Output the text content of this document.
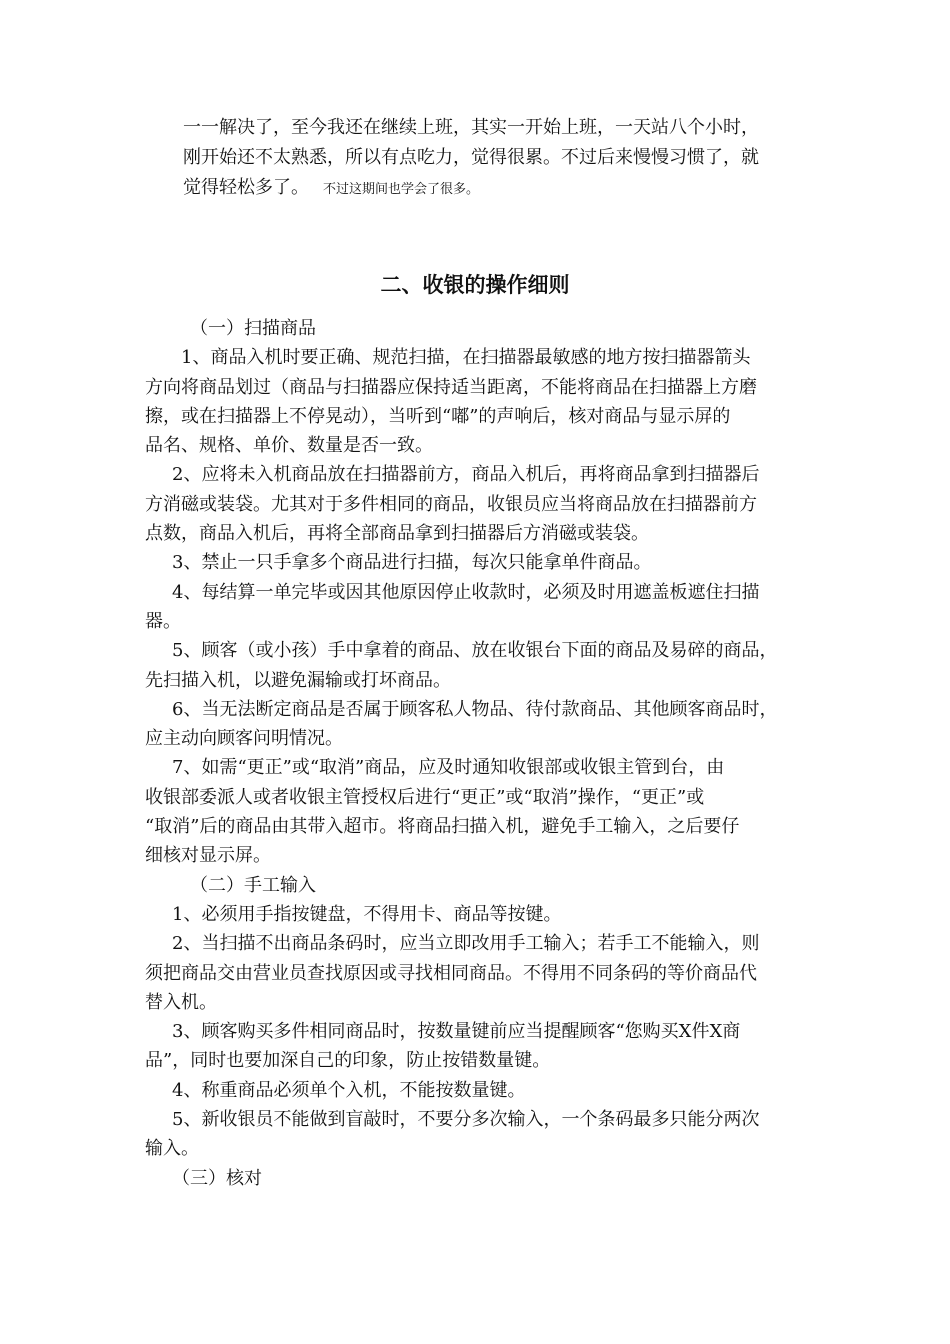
一一解决了，至今我还在继续上班，其实一开始上班，一天站八个小时，
刚开始还不太熟悉，所以有点吃力，觉得很累。不过后来慢慢习惯了，就
觉得轻松多了。 不过这期间也学会了很多。
二、收银的操作细则
（一）扫描商品
1、商品入机时要正确、规范扫描，在扫描器最敏感的地方按扫描器箭头
方向将商品划过（商品与扫描器应保持适当距离，不能将商品在扫描器上方磨
擦，或在扫描器上不停晃动），当听到“嘟”的声响后，核对商品与显示屏的
品名、规格、单价、数量是否一致。
2、应将未入机商品放在扫描器前方，商品入机后，再将商品拿到扫描器后
方消磁或装袋。尤其对于多件相同的商品，收银员应当将商品放在扫描器前方
点数，商品入机后，再将全部商品拿到扫描器后方消磁或装袋。
3、禁止一只手拿多个商品进行扫描，每次只能拿单件商品。
4、每结算一单完毕或因其他原因停止收款时，必须及时用遮盖板遮住扫描
器。
5、顾客（或小孩）手中拿着的商品、放在收银台下面的商品及易碎的商品，
先扫描入机，以避免漏输或打坏商品。
6、当无法断定商品是否属于顾客私人物品、待付款商品、其他顾客商品时，
应主动向顾客问明情况。
7、如需“更正”或“取消”商品，应及时通知收银部或收银主管到台，由
收银部委派人或者收银主管授权后进行“更正”或“取消”操作，“更正”或
“取消”后的商品由其带入超市。将商品扫描入机，避免手工输入，之后要仔
细核对显示屏。
（二）手工输入
1、必须用手指按键盘，不得用卡、商品等按键。
2、当扫描不出商品条码时，应当立即改用手工输入；若手工不能输入，则
须把商品交由营业员查找原因或寻找相同商品。不得用不同条码的等价商品代
替入机。
3、顾客购买多件相同商品时，按数量键前应当提醒顾客“您购买X件X商
品”，同时也要加深自己的印象，防止按错数量键。
4、称重商品必须单个入机，不能按数量键。
5、新收银员不能做到盲敲时，不要分多次输入，一个条码最多只能分两次
输入。
（三）核对
